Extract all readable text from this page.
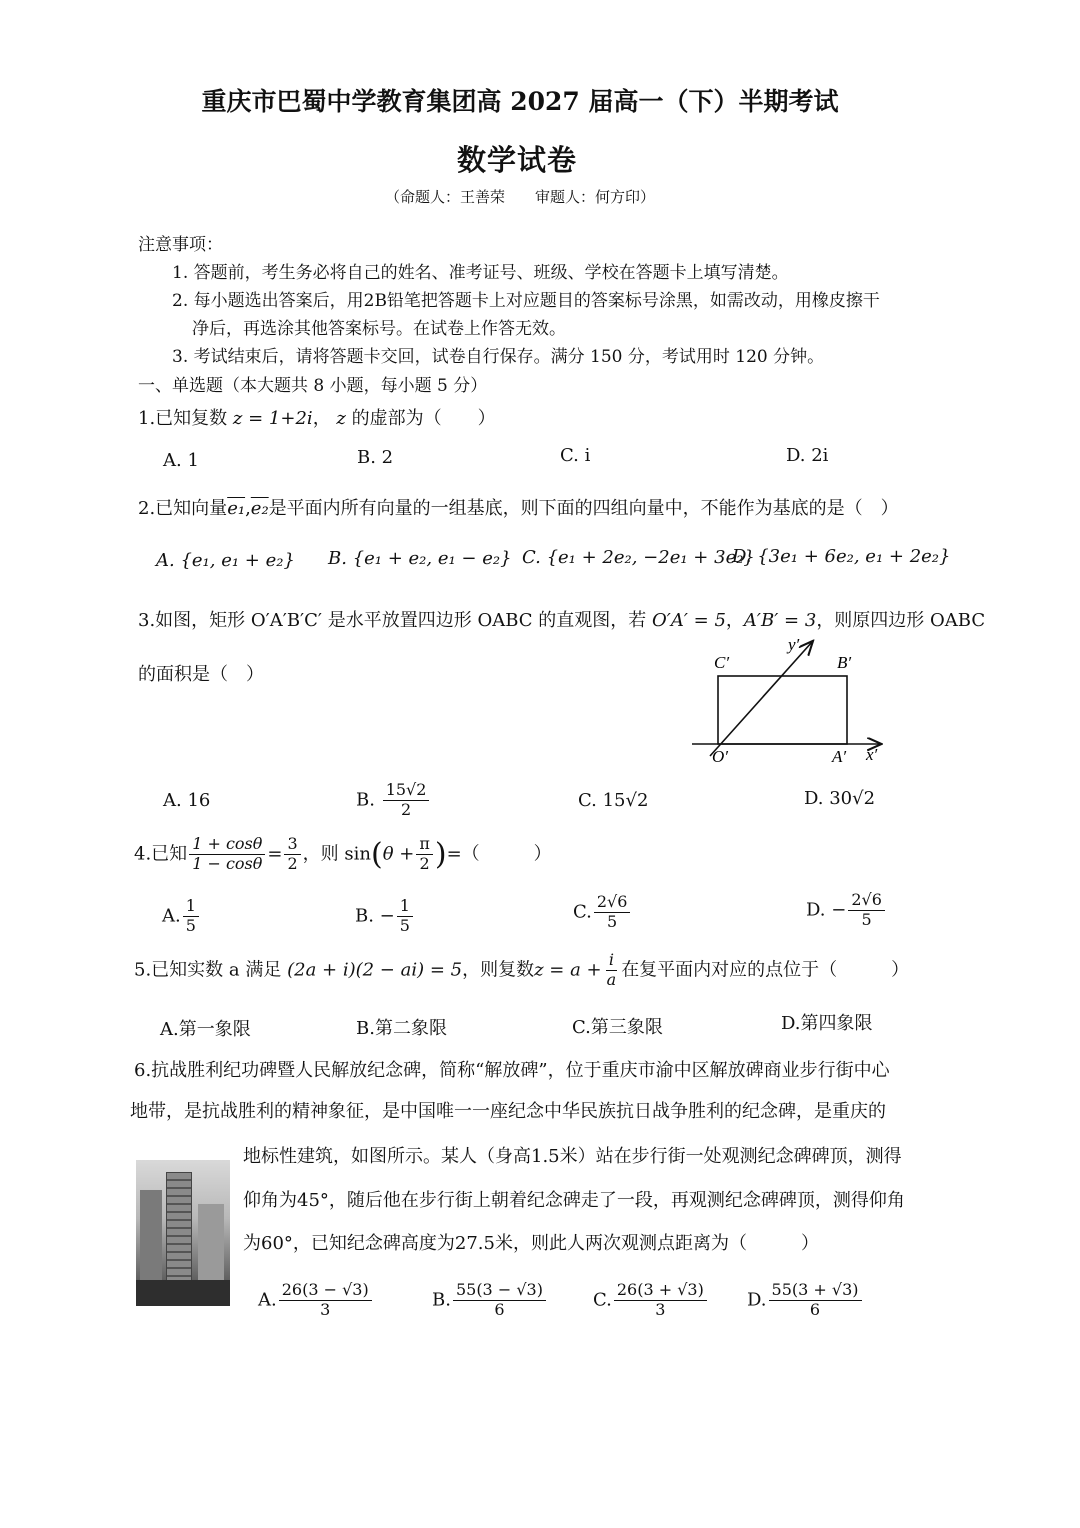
重庆市巴蜀中学教育集团高 2027 届高一（下）半期考试
数学试卷
（命题人：王善荣　　审题人：何方印）
注意事项：
1. 答题前，考生务必将自己的姓名、准考证号、班级、学校在答题卡上填写清楚。
2. 每小题选出答案后，用2B铅笔把答题卡上对应题目的答案标号涂黑，如需改动，用橡皮擦干
净后，再选涂其他答案标号。在试卷上作答无效。
3. 考试结束后，请将答题卡交回，试卷自行保存。满分 150 分，考试用时 120 分钟。
一、单选题（本大题共 8 小题，每小题 5 分）
1.已知复数 z = 1+2i， z 的虚部为（　　）
A. 1	B. 2	C. i	D. 2i
2.已知向量e₁,e₂是平面内所有向量的一组基底，则下面的四组向量中，不能作为基底的是（　）
A. {e₁, e₁ + e₂} B. {e₁ + e₂, e₁ − e₂} C. {e₁ + 2e₂, −2e₁ + 3e₂}
D. {3e₁ + 6e₂, e₁ + 2e₂}
3.如图，矩形 O′A′B′C′ 是水平放置四边形 OABC 的直观图，若 O′A′ = 5，A′B′ = 3，则原四边形 OABC
的面积是（　）
C′	B′
O′	A′ x′
y′
A. 16	B. $\frac{15√2}{2}$	C. 15√2	D. 30√2
4.已知 $\frac{1 + \cos\theta}{1 - \cos\theta} = \frac{3}{2}$ ，则 $\sin(\theta + \frac{\pi}{2}$ )=（　　　）
A. $\frac{1}{5}$	B. − $\frac{1}{5}$	C. $\frac{2√6}{5}$	D. − $\frac{2√6}{5}$
5.已知实数 a 满足 (2a + i)(2 − ai) = 5，则复数$z = a + \frac{i}{a}$ 在复平面内对应的点位于（　　　）
A.第一象限	B.第二象限	C.第三象限	D.第四象限
6.抗战胜利纪功碑暨人民解放纪念碑，简称“解放碑”，位于重庆市渝中区解放碑商业步行街中心
地带，是抗战胜利的精神象征，是中国唯一一座纪念中华民族抗日战争胜利的纪念碑，是重庆的
地标性建筑，如图所示。某人（身高1.5米）站在步行街一处观测纪念碑碑顶，测得
仰角为45°，随后他在步行街上朝着纪念碑走了一段，再观测纪念碑碑顶，测得仰角
为60°，已知纪念碑高度为27.5米，则此人两次观测点距离为（　　　）
A. $\frac{26(3 - √3)}{3}$	B. $\frac{55(3 - √3)}{6}$	C. $\frac{26(3 + √3)}{3} D$. $\frac{55(3 + √3)}{6}$
